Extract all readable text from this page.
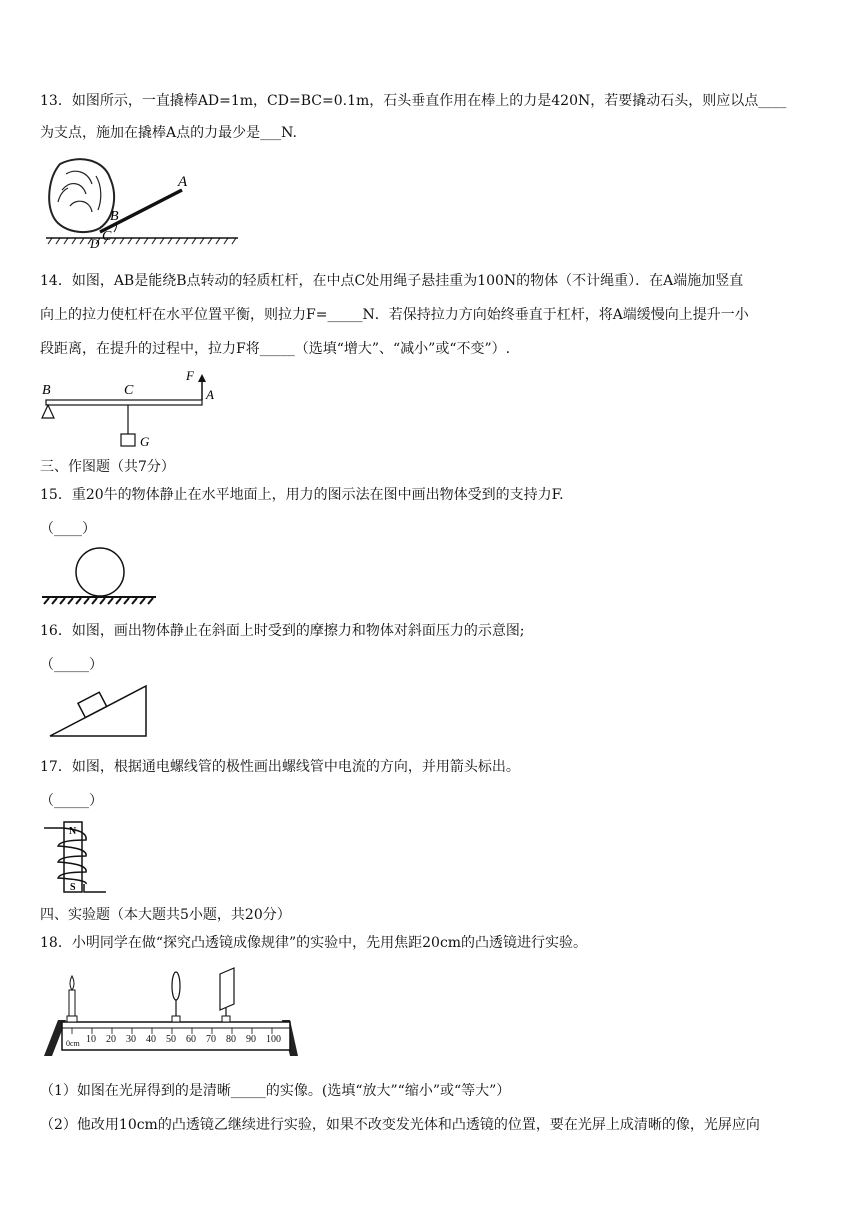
13．如图所示，一直撬棒AD=1m，CD=BC=0.1m，石头垂直作用在棒上的力是420N，若要撬动石头，则应以点____
为支点，施加在撬棒A点的力最少是___N.
A
B
C
D
14．如图，AB是能绕B点转动的轻质杠杆，在中点C处用绳子悬挂重为100N的物体（不计绳重）．在A端施加竖直
向上的拉力使杠杆在水平位置平衡，则拉力F=_____N．若保持拉力方向始终垂直于杠杆，将A端缓慢向上提升一小
段距离，在提升的过程中，拉力F将_____（选填“增大”、“减小”或“不变”）.
B	C
F
A
G
三、作图题（共7分）
15．重20牛的物体静止在水平地面上，用力的图示法在图中画出物体受到的支持力F.
（____）
16．如图，画出物体静止在斜面上时受到的摩擦力和物体对斜面压力的示意图;
（_____）
17．如图，根据通电螺线管的极性画出螺线管中电流的方向，并用箭头标出。
（_____）
N
S
四、实验题（本大题共5小题，共20分）
18．小明同学在做“探究凸透镜成像规律”的实验中，先用焦距20cm的凸透镜进行实验。
0cm 10 20 30 40 50 60 70 80 90 100
（1）如图在光屏得到的是清晰_____的实像。(选填“放大”“缩小”或“等大”）
（2）他改用10cm的凸透镜乙继续进行实验，如果不改变发光体和凸透镜的位置，要在光屏上成清晰的像，光屏应向
